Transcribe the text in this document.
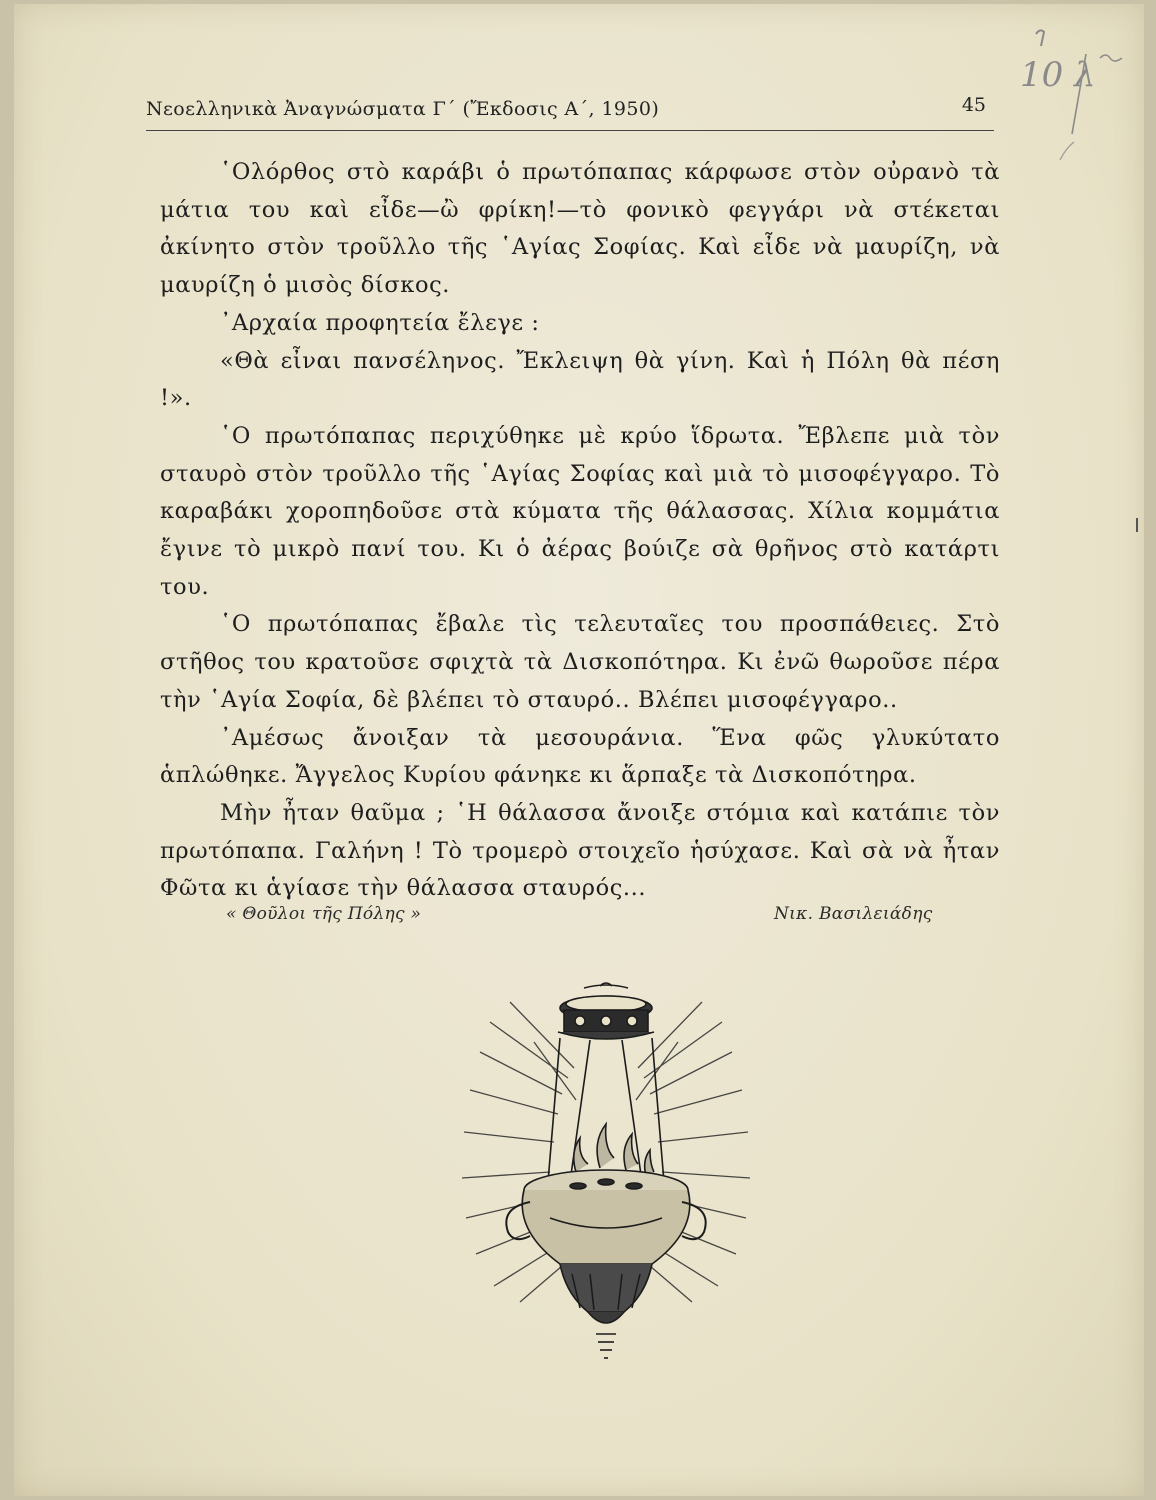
Νεοελληνικὰ Ἀναγνώσματα Γ΄ (Ἔκδοσις Α΄, 1950)	45
10 λ

῾Ολόρθος στὸ καράβι ὁ πρωτόπαπας κάρφωσε στὸν οὐρανὸ τὰ μάτια του καὶ εἶδε—ὢ φρίκη!—τὸ φονικὸ φεγγάρι νὰ στέκεται ἀκίνητο στὸν τροῦλλο τῆς ῾Αγίας Σοφίας. Καὶ εἶδε νὰ μαυρίζη, νὰ μαυρίζη ὁ μισὸς δίσκος.

᾿Αρχαία προφητεία ἔλεγε :

«Θὰ εἶναι πανσέληνος. Ἔκλειψη θὰ γίνη. Καὶ ἡ Πόλη θὰ πέση !».

῾Ο πρωτόπαπας περιχύθηκε μὲ κρύο ἵδρωτα. Ἔβλεπε μιὰ τὸν σταυρὸ στὸν τροῦλλο τῆς ῾Αγίας Σοφίας καὶ μιὰ τὸ μισοφέγγαρο. Τὸ καραβάκι χοροπηδοῦσε στὰ κύματα τῆς θάλασσας. Χίλια κομμάτια ἔγινε τὸ μικρὸ πανί του. Κι ὁ ἀέρας βούιζε σὰ θρῆνος στὸ κατάρτι του.

῾Ο πρωτόπαπας ἔβαλε τὶς τελευταῖες του προσπάθειες. Στὸ στῆθος του κρατοῦσε σφιχτὰ τὰ Δισκοπότηρα. Κι ἐνῶ θωροῦσε πέρα τὴν ῾Αγία Σοφία, δὲ βλέπει τὸ σταυρό.. Βλέπει μισοφέγγαρο..

᾿Αμέσως ἄνοιξαν τὰ μεσουράνια. Ἕνα φῶς γλυκύτατο ἁπλώθηκε. Ἄγγελος Κυρίου φάνηκε κι ἅρπαξε τὰ Δισκοπότηρα.

Μὴν ἦταν θαῦμα ; ῾Η θάλασσα ἄνοιξε στόμια καὶ κατάπιε τὸν πρωτόπαπα. Γαλήνη ! Τὸ τρομερὸ στοιχεῖο ἡσύχασε. Καὶ σὰ νὰ ἦταν Φῶτα κι ἁγίασε τὴν θάλασσα σταυρός...

« Θοῦλοι τῆς Πόλης »	Νικ. Βασιλειάδης
